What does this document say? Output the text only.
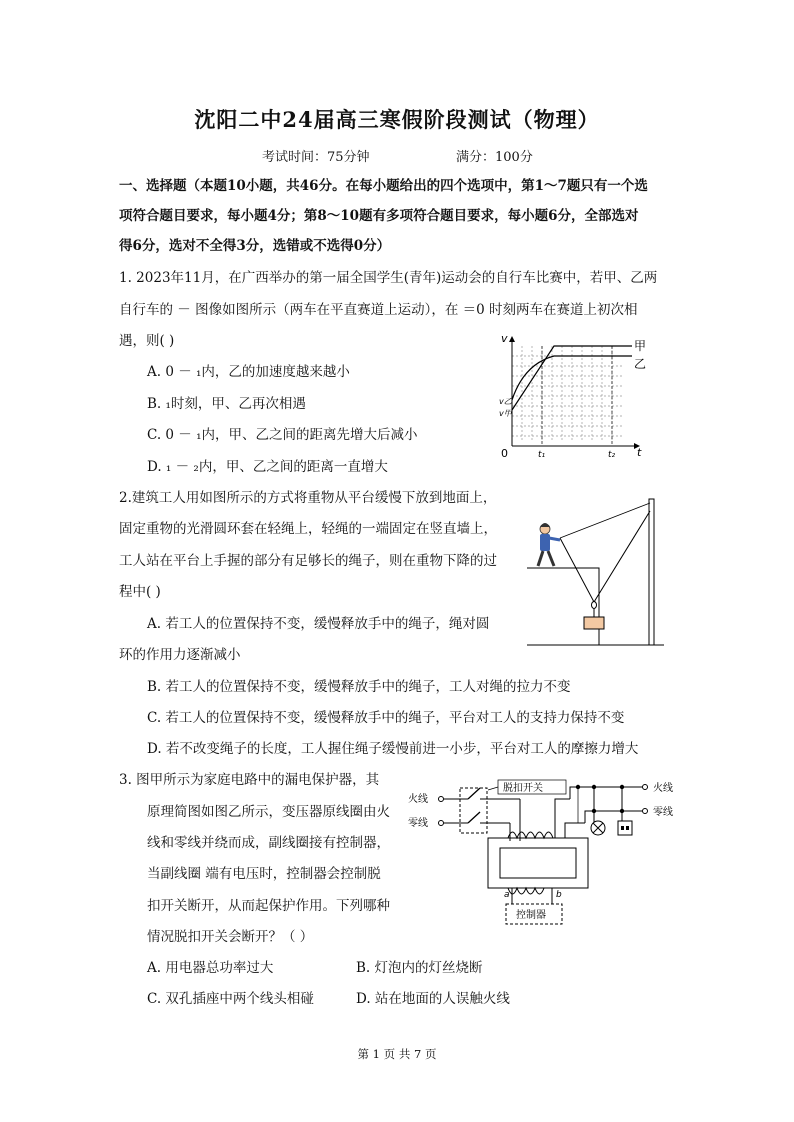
沈阳二中24届高三寒假阶段测试（物理）
考试时间：75分钟	满分：100分
一、选择题（本题10小题，共46分。在每小题给出的四个选项中，第1～7题只有一个选
项符合题目要求，每小题4分；第8～10题有多项符合题目要求，每小题6分，全部选对
得6分，选对不全得3分，选错或不选得0分）
1. 2023年11月，在广西举办的第一届全国学生(青年)运动会的自行车比赛中，若甲、乙两
自行车的 － 图像如图所示（两车在平直赛道上运动），在 ＝0 时刻两车在赛道上初次相
遇，则( )
A. 0 － ₁内，乙的加速度越来越小
B. ₁时刻，甲、乙再次相遇
C. 0 － ₁内，甲、乙之间的距离先增大后减小
D. ₁ － ₂内，甲、乙之间的距离一直增大
v
t
0
甲
乙
t₁	t₂
v乙
v甲
2.建筑工人用如图所示的方式将重物从平台缓慢下放到地面上，
固定重物的光滑圆环套在轻绳上，轻绳的一端固定在竖直墙上，
工人站在平台上手握的部分有足够长的绳子，则在重物下降的过
程中( )
A. 若工人的位置保持不变，缓慢释放手中的绳子，绳对圆
环的作用力逐渐减小
B. 若工人的位置保持不变，缓慢释放手中的绳子，工人对绳的拉力不变
C. 若工人的位置保持不变，缓慢释放手中的绳子，平台对工人的支持力保持不变
D. 若不改变绳子的长度，工人握住绳子缓慢前进一小步，平台对工人的摩擦力增大
3. 图甲所示为家庭电路中的漏电保护器，其
原理简图如图乙所示，变压器原线圈由火
线和零线并绕而成，副线圈接有控制器，
当副线圈 端有电压时，控制器会控制脱
扣开关断开，从而起保护作用。下列哪种
情况脱扣开关会断开？（ ）
A. 用电器总功率过大	B. 灯泡内的灯丝烧断
C. 双孔插座中两个线头相碰	D. 站在地面的人误触火线
火线
零线
脱扣开关
a	b
控制器
火线
零线
第 1 页 共 7 页
